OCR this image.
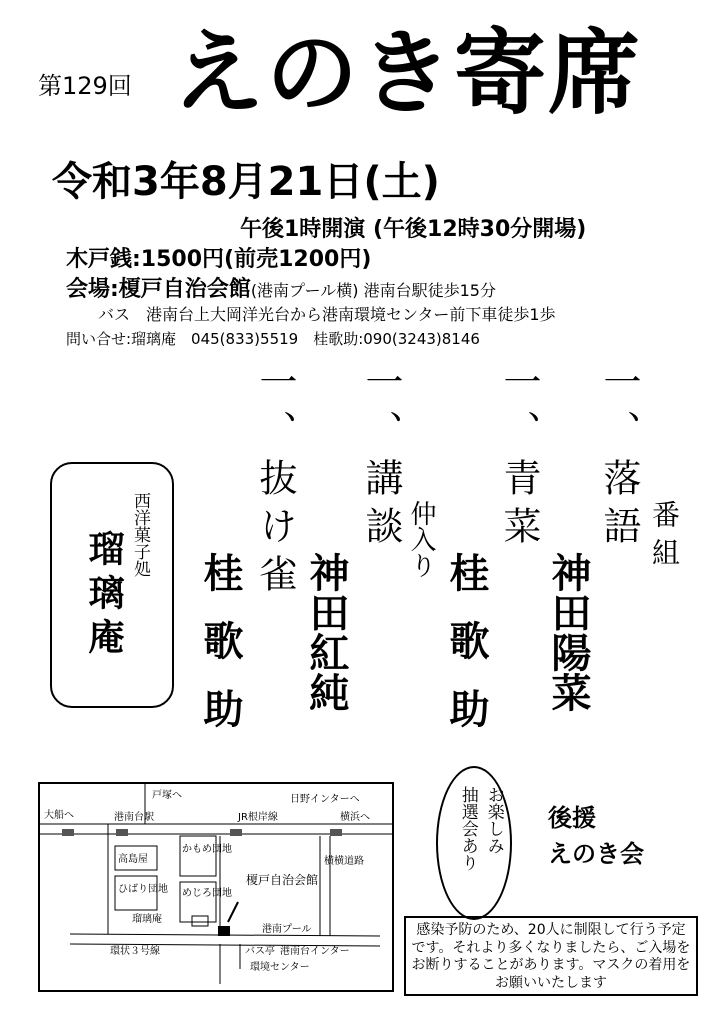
第129回 えのき寄席
令和3年8月21日(土)
午後1時開演 (午後12時30分開場)
木戸銭:1500円(前売1200円)
会場:榎戸自治会館(港南プール横) 港南台駅徒歩15分
バス　港南台上大岡洋光台から港南環境センター前下車徒歩1歩
問い合せ:瑠璃庵　045(833)5519　桂歌助:090(3243)8146
番組
一、落語
神田陽菜
一、青菜
桂歌助
仲入り
一、講談
神田紅純
一、抜け雀
桂歌助
西洋菓子処
瑠璃庵
戸塚へ	日野インターへ
大船へ	港南台駅	JR根岸線	横浜へ
高島屋
かもめ団地
ひばり団地 めじろ団地
榎戸自治会館
横横道路
瑠璃庵
港南プール
環状３号線	バス亭 港南台インター
環境センター
お楽しみ
抽選会あり	後援
えのき会
感染予防のため、20人に制限して行う予定です。それより多くなりましたら、ご入場をお断りすることがあります。マスクの着用をお願いいたします
